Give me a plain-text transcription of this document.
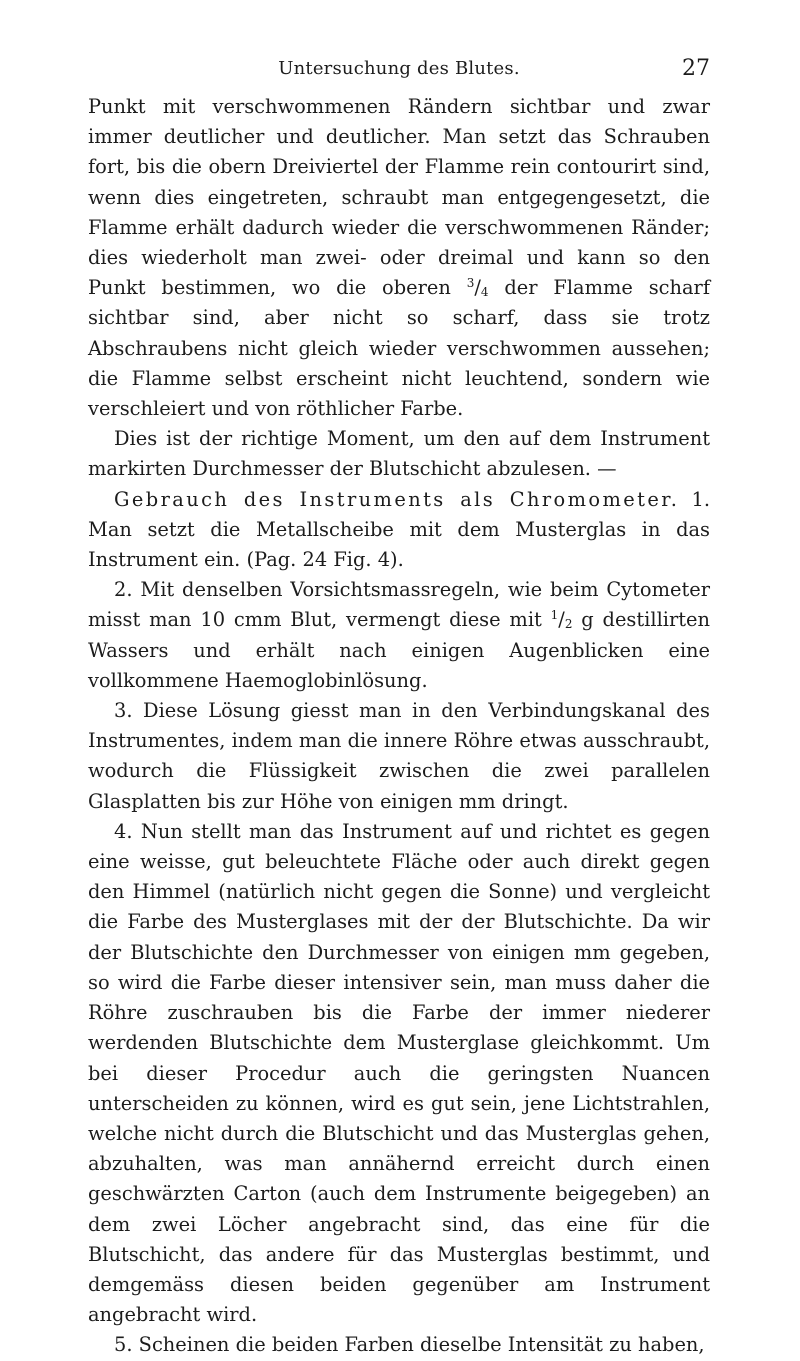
Untersuchung des Blutes.	27

Punkt mit verschwommenen Rändern sichtbar und zwar immer deutlicher und deutlicher. Man setzt das Schrauben fort, bis die obern Dreiviertel der Flamme rein contourirt sind, wenn dies eingetreten, schraubt man entgegengesetzt, die Flamme erhält dadurch wieder die verschwommenen Ränder; dies wiederholt man zwei- oder dreimal und kann so den Punkt bestimmen, wo die oberen $^3/_4$ der Flamme scharf sichtbar sind, aber nicht so scharf, dass sie trotz Abschraubens nicht gleich wieder verschwommen aussehen; die Flamme selbst erscheint nicht leuchtend, sondern wie verschleiert und von röthlicher Farbe.

Dies ist der richtige Moment, um den auf dem Instrument markirten Durchmesser der Blutschicht abzulesen. —

Gebrauch des Instruments als Chromometer. 1. Man setzt die Metallscheibe mit dem Musterglas in das Instrument ein. (Pag. 24 Fig. 4).

2. Mit denselben Vorsichtsmassregeln, wie beim Cytometer misst man 10 cmm Blut, vermengt diese mit $^1/_2$ g destillirten Wassers und erhält nach einigen Augenblicken eine vollkommene Haemoglobinlösung.

3. Diese Lösung giesst man in den Verbindungskanal des Instrumentes, indem man die innere Röhre etwas ausschraubt, wodurch die Flüssigkeit zwischen die zwei parallelen Glasplatten bis zur Höhe von einigen mm dringt.

4. Nun stellt man das Instrument auf und richtet es gegen eine weisse, gut beleuchtete Fläche oder auch direkt gegen den Himmel (natürlich nicht gegen die Sonne) und vergleicht die Farbe des Musterglases mit der der Blutschichte. Da wir der Blutschichte den Durchmesser von einigen mm gegeben, so wird die Farbe dieser intensiver sein, man muss daher die Röhre zuschrauben bis die Farbe der immer niederer werdenden Blutschichte dem Musterglase gleichkommt. Um bei dieser Procedur auch die geringsten Nuancen unterscheiden zu können, wird es gut sein, jene Lichtstrahlen, welche nicht durch die Blutschicht und das Musterglas gehen, abzuhalten, was man annähernd erreicht durch einen geschwärzten Carton (auch dem Instrumente beigegeben) an dem zwei Löcher angebracht sind, das eine für die Blutschicht, das andere für das Musterglas bestimmt, und demgemäss diesen beiden gegenüber am Instrument angebracht wird.

5. Scheinen die beiden Farben dieselbe Intensität zu haben,
